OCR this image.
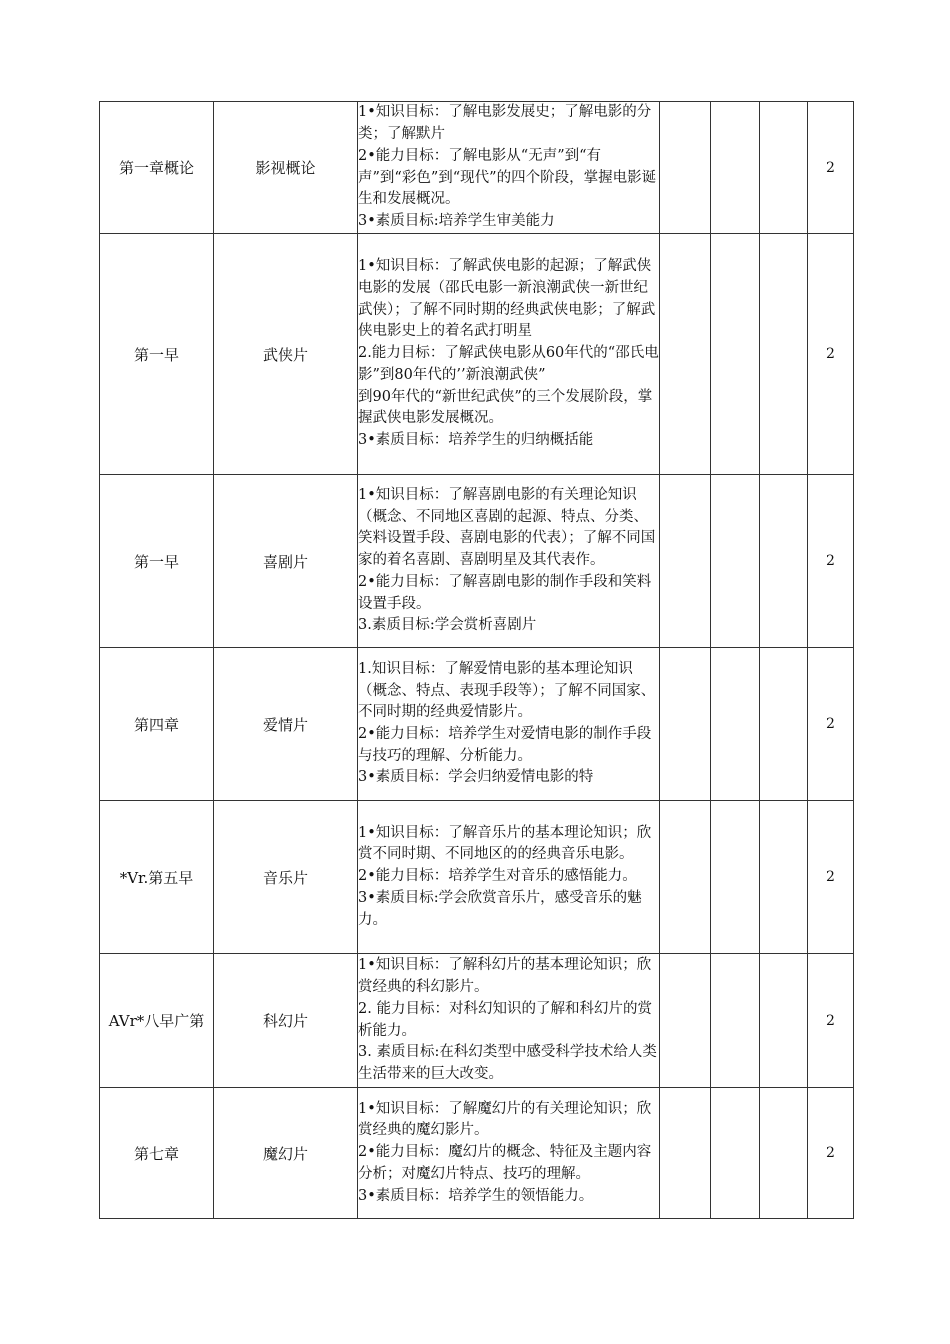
第一章概论	影视概论	1•知识目标：了解电影发展史；了解电影的分类；了解默片
2•能力目标：了解电影从“无声”到“有声”到“彩色”到“现代”的四个阶段，掌握电影诞生和发展概况。
3•素质目标:培养学生审美能力				2
第一早	武侠片	1•知识目标：了解武侠电影的起源；了解武侠电影的发展（邵氏电影一新浪潮武侠一新世纪武侠）；了解不同时期的经典武侠电影；了解武侠电影史上的着名武打明星
2.能力目标：了解武侠电影从60年代的“邵氏电影”到80年代的’’新浪潮武侠”
到90年代的“新世纪武侠”的三个发展阶段，掌握武侠电影发展概况。
3•素质目标：培养学生的归纳概括能				2
第一早	喜剧片	1•知识目标：了解喜剧电影的有关理论知识（概念、不同地区喜剧的起源、特点、分类、笑料设置手段、喜剧电影的代表）；了解不同国家的着名喜剧、喜剧明星及其代表作。
2•能力目标：了解喜剧电影的制作手段和笑料设置手段。
3.素质目标:学会赏析喜剧片				2
第四章	爱情片	1.知识目标：了解爱情电影的基本理论知识（概念、特点、表现手段等）；了解不同国家、不同时期的经典爱情影片。
2•能力目标：培养学生对爱情电影的制作手段与技巧的理解、分析能力。
3•素质目标：学会归纳爱情电影的特				2
*Vr.第五早	音乐片	1•知识目标：了解音乐片的基本理论知识；欣赏不同时期、不同地区的的经典音乐电影。
2•能力目标：培养学生对音乐的感悟能力。
3•素质目标:学会欣赏音乐片，感受音乐的魅力。				2
AVr*八早广第	科幻片	1•知识目标：了解科幻片的基本理论知识；欣赏经典的科幻影片。
2. 能力目标：对科幻知识的了解和科幻片的赏析能力。
3. 素质目标:在科幻类型中感受科学技术给人类生活带来的巨大改变。				2
第七章	魔幻片	1•知识目标：了解魔幻片的有关理论知识；欣赏经典的魔幻影片。
2•能力目标：魔幻片的概念、特征及主题内容分析；对魔幻片特点、技巧的理解。
3•素质目标：培养学生的领悟能力。				2
